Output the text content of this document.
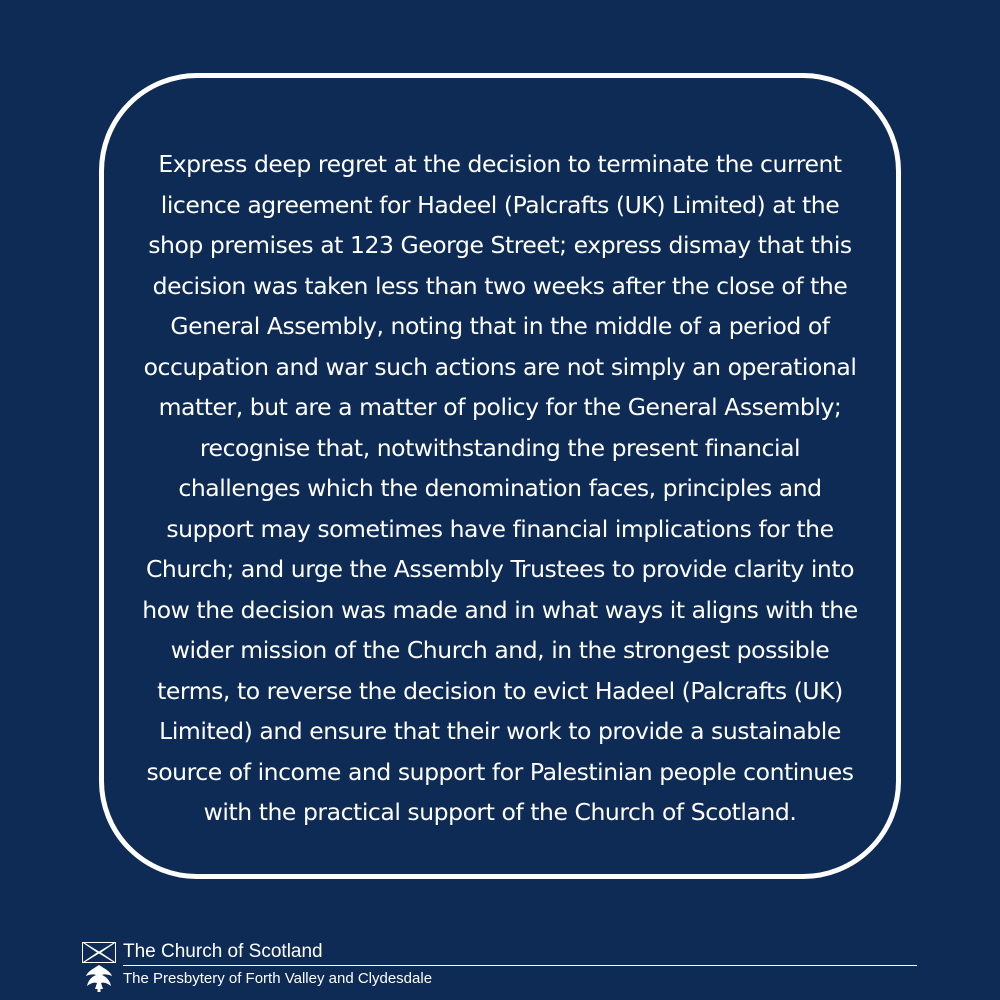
Express deep regret at the decision to terminate the current
licence agreement for Hadeel (Palcrafts (UK) Limited) at the
shop premises at 123 George Street; express dismay that this
decision was taken less than two weeks after the close of the
General Assembly, noting that in the middle of a period of
occupation and war such actions are not simply an operational
matter, but are a matter of policy for the General Assembly;
recognise that, notwithstanding the present financial
challenges which the denomination faces, principles and
support may sometimes have financial implications for the
Church; and urge the Assembly Trustees to provide clarity into
how the decision was made and in what ways it aligns with the
wider mission of the Church and, in the strongest possible
terms, to reverse the decision to evict Hadeel (Palcrafts (UK)
Limited) and ensure that their work to provide a sustainable
source of income and support for Palestinian people continues
with the practical support of the Church of Scotland.

The Church of Scotland
The Presbytery of Forth Valley and Clydesdale
